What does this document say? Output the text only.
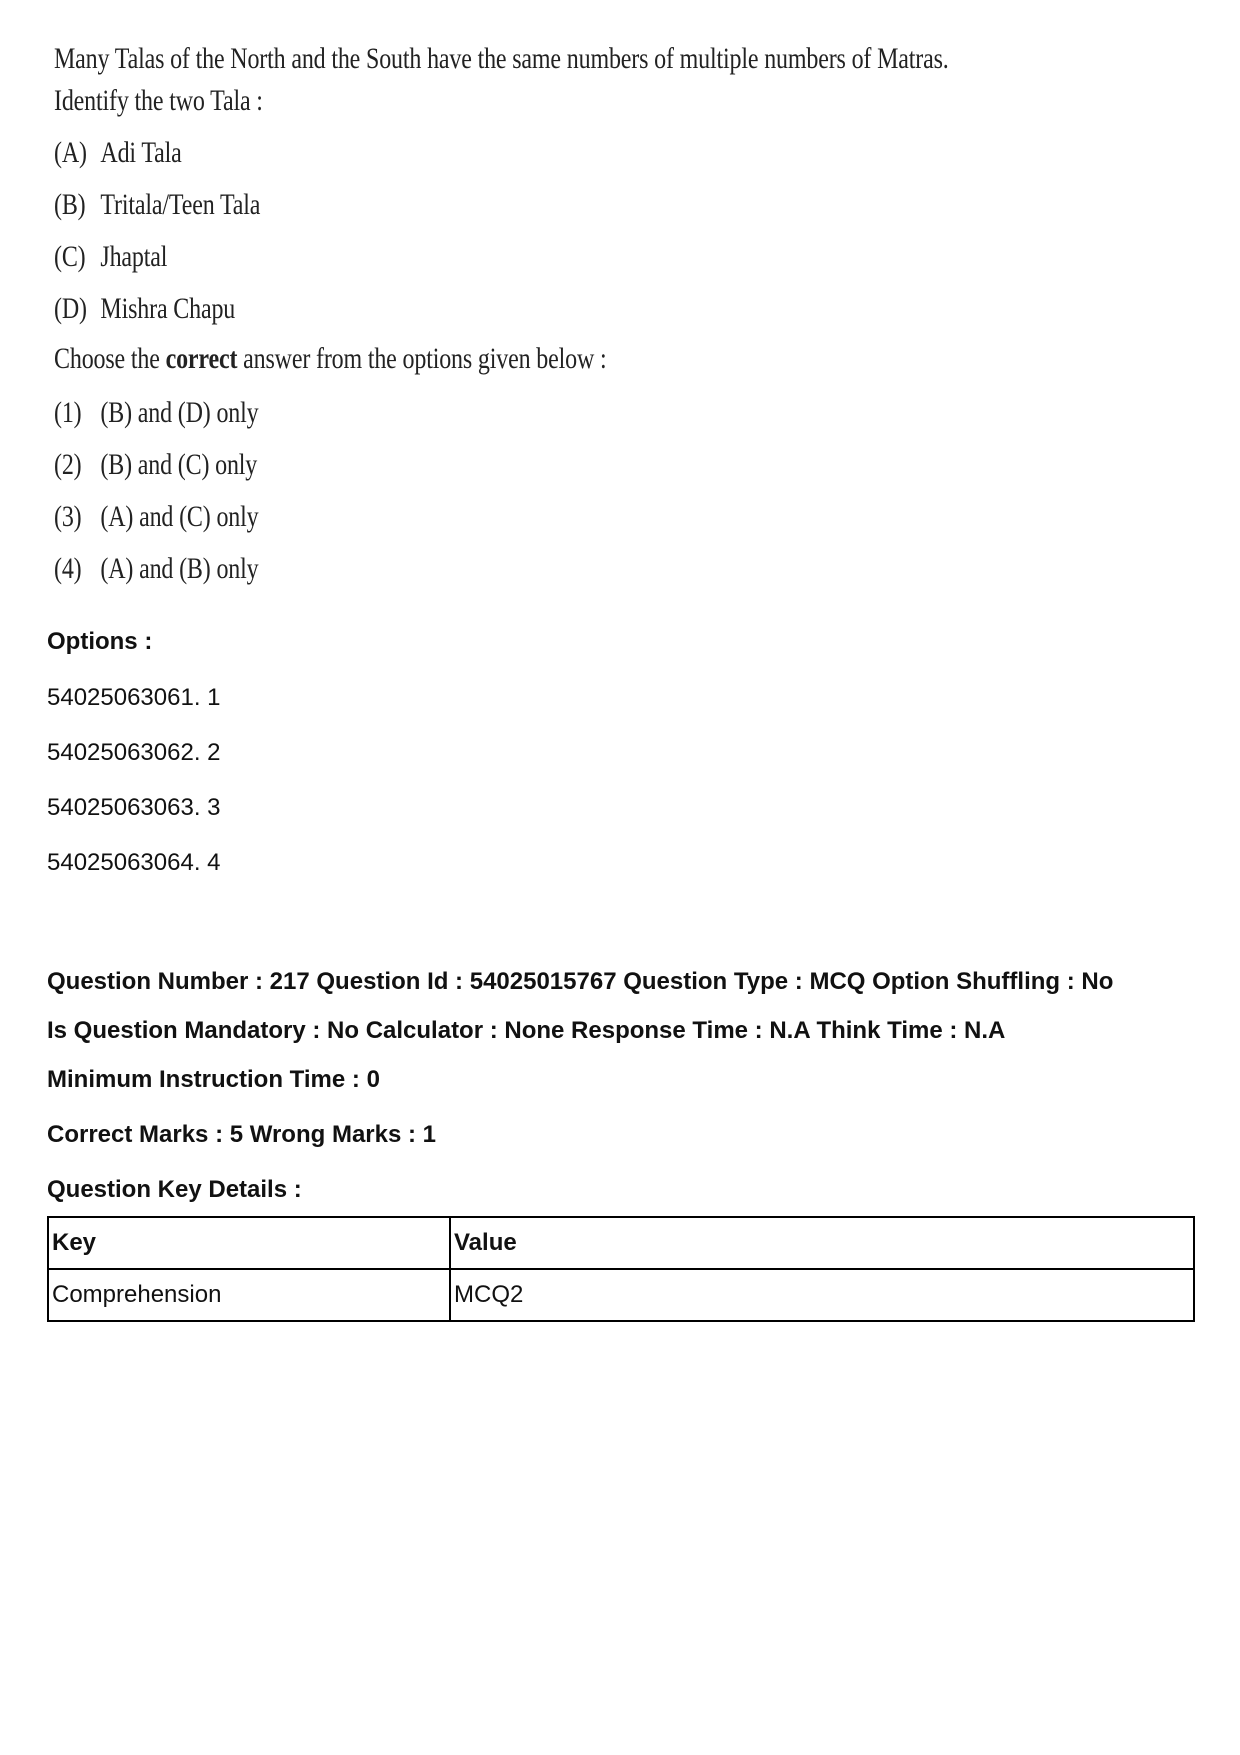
Many Talas of the North and the South have the same numbers of multiple numbers of Matras.
Identify the two Tala :
(A) Adi Tala
(B) Tritala/Teen Tala
(C) Jhaptal
(D) Mishra Chapu
Choose the correct answer from the options given below :
(1) (B) and (D) only
(2) (B) and (C) only
(3) (A) and (C) only
(4) (A) and (B) only
Options :
54025063061. 1
54025063062. 2
54025063063. 3
54025063064. 4
Question Number : 217 Question Id : 54025015767 Question Type : MCQ Option Shuffling : No
Is Question Mandatory : No Calculator : None Response Time : N.A Think Time : N.A
Minimum Instruction Time : 0
Correct Marks : 5 Wrong Marks : 1
Question Key Details :
Key	Value
Comprehension	MCQ2
